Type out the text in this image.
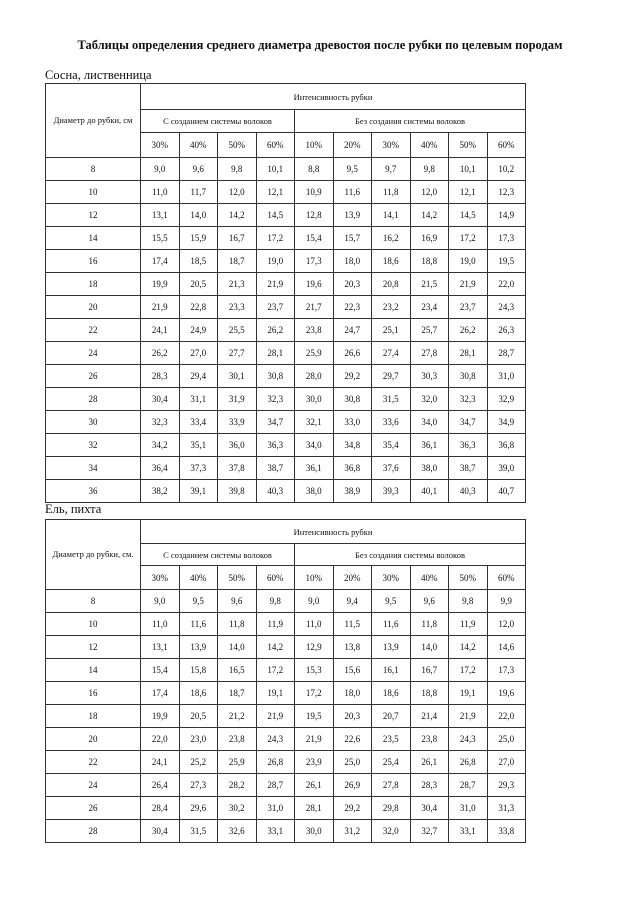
Таблицы определения среднего диаметра древостоя после рубки по целевым породам
Сосна, лиственница
Диаметр до рубки, см	Интенсивность рубки									
	С созданием системы волоков				Без создания системы волоков					
	30%	40%	50%	60%	10%	20%	30%	40%	50%	60%
8	9,0	9,6	9,8	10,1	8,8	9,5	9,7	9,8	10,1	10,2
10	11,0	11,7	12,0	12,1	10,9	11,6	11,8	12,0	12,1	12,3
12	13,1	14,0	14,2	14,5	12,8	13,9	14,1	14,2	14,5	14,9
14	15,5	15,9	16,7	17,2	15,4	15,7	16,2	16,9	17,2	17,3
16	17,4	18,5	18,7	19,0	17,3	18,0	18,6	18,8	19,0	19,5
18	19,9	20,5	21,3	21,9	19,6	20,3	20,8	21,5	21,9	22,0
20	21,9	22,8	23,3	23,7	21,7	22,3	23,2	23,4	23,7	24,3
22	24,1	24,9	25,5	26,2	23,8	24,7	25,1	25,7	26,2	26,3
24	26,2	27,0	27,7	28,1	25,9	26,6	27,4	27,8	28,1	28,7
26	28,3	29,4	30,1	30,8	28,0	29,2	29,7	30,3	30,8	31,0
28	30,4	31,1	31,9	32,3	30,0	30,8	31,5	32,0	32,3	32,9
30	32,3	33,4	33,9	34,7	32,1	33,0	33,6	34,0	34,7	34,9
32	34,2	35,1	36,0	36,3	34,0	34,8	35,4	36,1	36,3	36,8
34	36,4	37,3	37,8	38,7	36,1	36,8	37,6	38,0	38,7	39,0
36	38,2	39,1	39,8	40,3	38,0	38,9	39,3	40,1	40,3	40,7
Ель, пихта
Диаметр до рубки, см.	Интенсивность рубки									
	С созданием системы волоков				Без создания системы волоков					
	30%	40%	50%	60%	10%	20%	30%	40%	50%	60%
8	9,0	9,5	9,6	9,8	9,0	9,4	9,5	9,6	9,8	9,9
10	11,0	11,6	11,8	11,9	11,0	11,5	11,6	11,8	11,9	12,0
12	13,1	13,9	14,0	14,2	12,9	13,8	13,9	14,0	14,2	14,6
14	15,4	15,8	16,5	17,2	15,3	15,6	16,1	16,7	17,2	17,3
16	17,4	18,6	18,7	19,1	17,2	18,0	18,6	18,8	19,1	19,6
18	19,9	20,5	21,2	21,9	19,5	20,3	20,7	21,4	21,9	22,0
20	22,0	23,0	23,8	24,3	21,9	22,6	23,5	23,8	24,3	25,0
22	24,1	25,2	25,9	26,8	23,9	25,0	25,4	26,1	26,8	27,0
24	26,4	27,3	28,2	28,7	26,1	26,9	27,8	28,3	28,7	29,3
26	28,4	29,6	30,2	31,0	28,1	29,2	29,8	30,4	31,0	31,3
28	30,4	31,5	32,6	33,1	30,0	31,2	32,0	32,7	33,1	33,8
